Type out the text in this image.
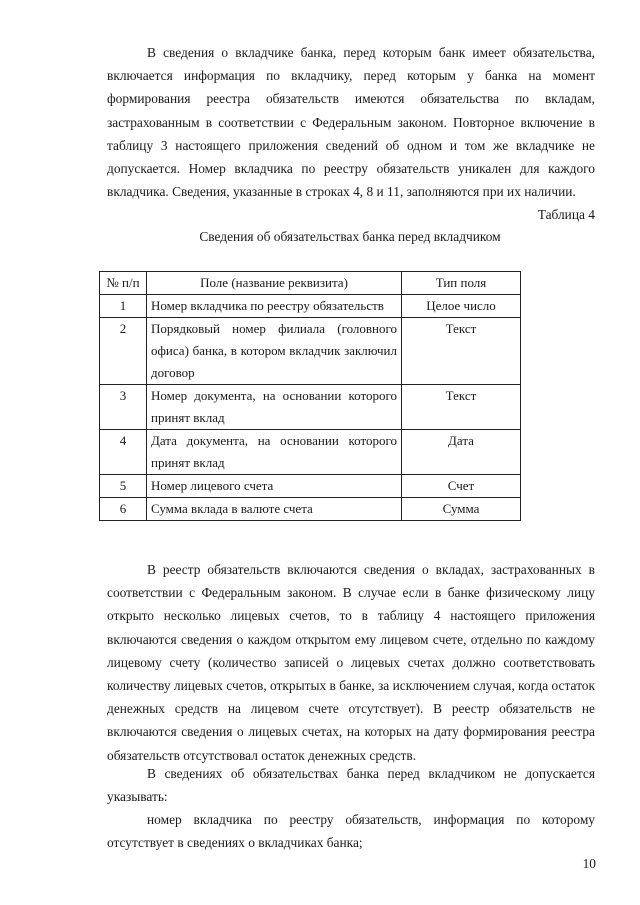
В сведения о вкладчике банка, перед которым банк имеет обязательства, включается информация по вкладчику, перед которым у банка на момент формирования реестра обязательств имеются обязательства по вкладам, застрахованным в соответствии с Федеральным законом. Повторное включение в таблицу 3 настоящего приложения сведений об одном и том же вкладчике не допускается. Номер вкладчика по реестру обязательств уникален для каждого вкладчика. Сведения, указанные в строках 4, 8 и 11, заполняются при их наличии.

Таблица 4

Сведения об обязательствах банка перед вкладчиком

№ п/п	Поле (название реквизита)	Тип поля
1	Номер вкладчика по реестру обязательств	Целое число
2	Порядковый номер филиала (головного офиса) банка, в котором вкладчик заключил договор	Текст
3	Номер документа, на основании которого принят вклад	Текст
4	Дата документа, на основании которого принят вклад	Дата
5	Номер лицевого счета	Счет
6	Сумма вклада в валюте счета	Сумма

В реестр обязательств включаются сведения о вкладах, застрахованных в соответствии с Федеральным законом. В случае если в банке физическому лицу открыто несколько лицевых счетов, то в таблицу 4 настоящего приложения включаются сведения о каждом открытом ему лицевом счете, отдельно по каждому лицевому счету (количество записей о лицевых счетах должно соответствовать количеству лицевых счетов, открытых в банке, за исключением случая, когда остаток денежных средств на лицевом счете отсутствует). В реестр обязательств не включаются сведения о лицевых счетах, на которых на дату формирования реестра обязательств отсутствовал остаток денежных средств.

В сведениях об обязательствах банка перед вкладчиком не допускается указывать:

номер вкладчика по реестру обязательств, информация по которому отсутствует в сведениях о вкладчиках банка;

10
